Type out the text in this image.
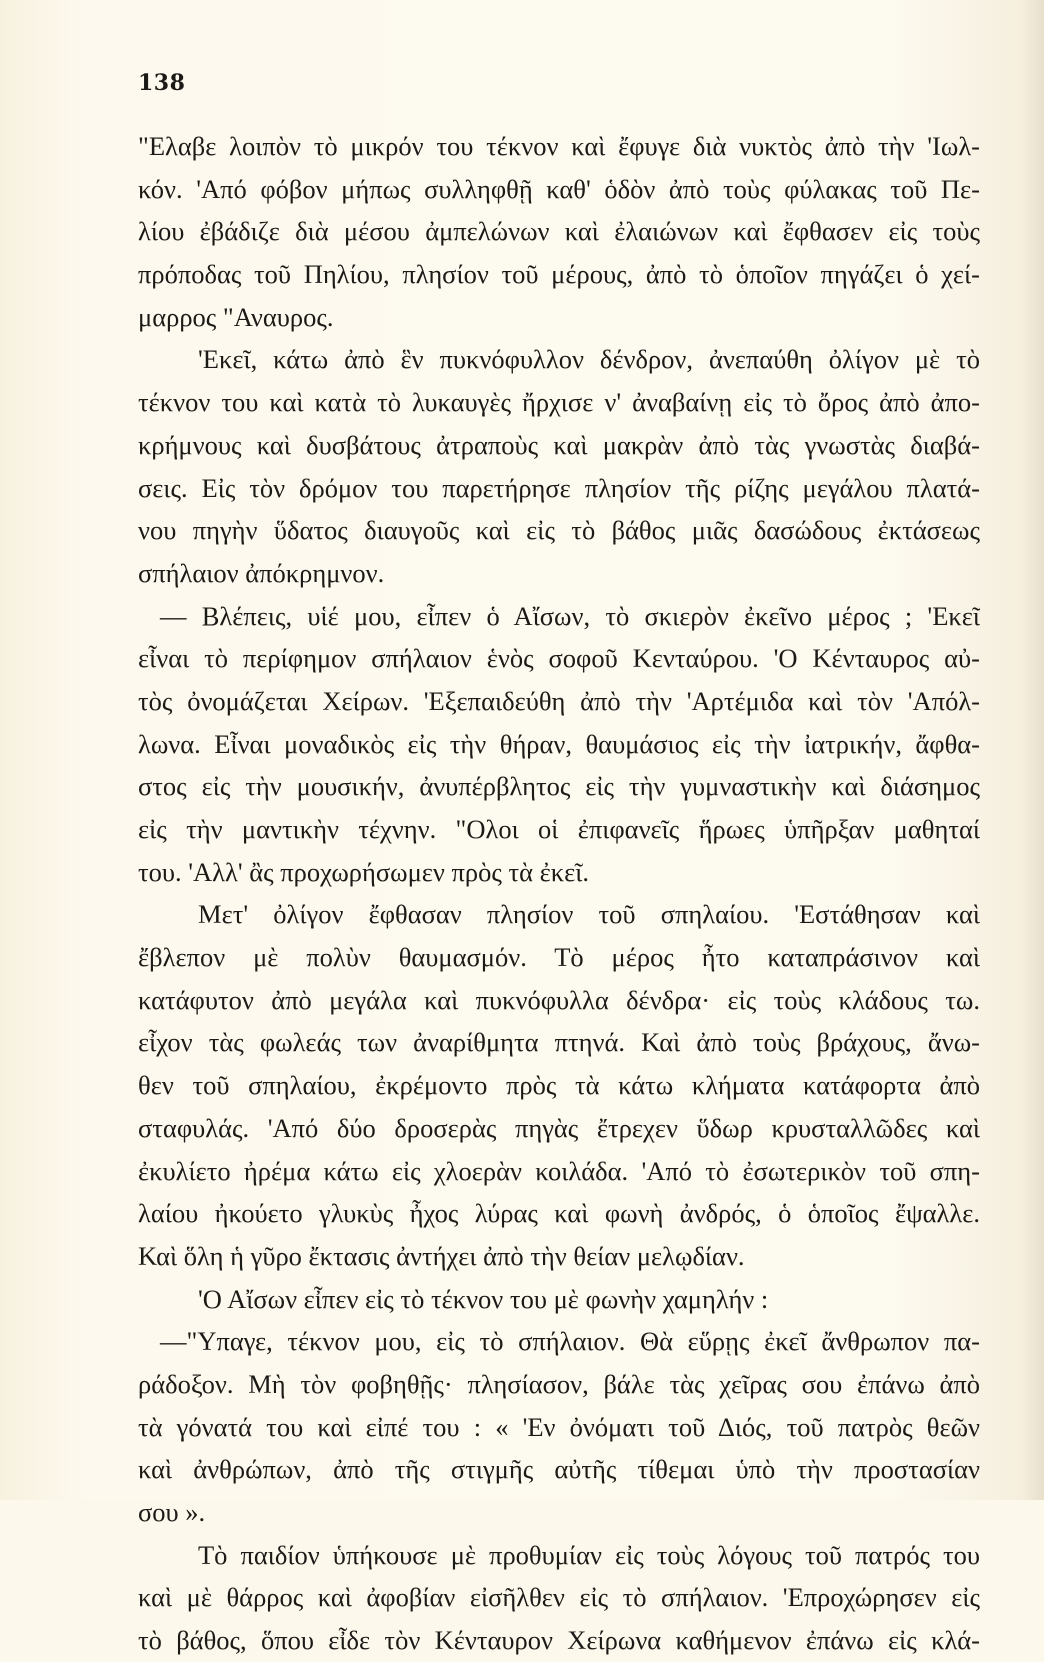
138
"Ελαβε λοιπὸν τὸ μικρόν του τέκνον καὶ ἔφυγε διὰ νυκτὸς ἀπὸ τὴν 'Ιωλ-
κόν. 'Από φόβον μήπως συλληφθῇ καθ' ὁδὸν ἀπὸ τοὺς φύλακας τοῦ Πε-
λίου ἐβάδιζε διὰ μέσου ἀμπελώνων καὶ ἐλαιώνων καὶ ἔφθασεν εἰς τοὺς
πρόποδας τοῦ Πηλίου, πλησίον τοῦ μέρους, ἀπὸ τὸ ὁποῖον πηγάζει ὁ χεί-
μαρρος "Αναυρος.
'Εκεῖ, κάτω ἀπὸ ἓν πυκνόφυλλον δένδρον, ἀνεπαύθη ὀλίγον μὲ τὸ
τέκνον του καὶ κατὰ τὸ λυκαυγὲς ἤρχισε ν' ἀναβαίνῃ εἰς τὸ ὄρος ἀπὸ ἀπο-
κρήμνους καὶ δυσβάτους ἀτραποὺς καὶ μακρὰν ἀπὸ τὰς γνωστὰς διαβά-
σεις. Εἰς τὸν δρόμον του παρετήρησε πλησίον τῆς ρίζης μεγάλου πλατά-
νου πηγὴν ὕδατος διαυγοῦς καὶ εἰς τὸ βάθος μιᾶς δασώδους ἐκτάσεως
σπήλαιον ἀπόκρημνον.
— Βλέπεις, υἱέ μου, εἶπεν ὁ Αἴσων, τὸ σκιερὸν ἐκεῖνο μέρος ; 'Εκεῖ
εἶναι τὸ περίφημον σπήλαιον ἑνὸς σοφοῦ Κενταύρου. 'Ο Κένταυρος αὐ-
τὸς ὀνομάζεται Χείρων. 'Εξεπαιδεύθη ἀπὸ τὴν 'Αρτέμιδα καὶ τὸν 'Απόλ-
λωνα. Εἶναι μοναδικὸς εἰς τὴν θήραν, θαυμάσιος εἰς τὴν ἰατρικήν, ἄφθα-
στος εἰς τὴν μουσικήν, ἀνυπέρβλητος εἰς τὴν γυμναστικὴν καὶ διάσημος
εἰς τὴν μαντικὴν τέχνην. "Ολοι οἱ ἐπιφανεῖς ἥρωες ὑπῆρξαν μαθηταί
του. 'Αλλ' ἂς προχωρήσωμεν πρὸς τὰ ἐκεῖ.
Μετ' ὀλίγον ἔφθασαν πλησίον τοῦ σπηλαίου. 'Εστάθησαν καὶ
ἔβλεπον μὲ πολὺν θαυμασμόν. Τὸ μέρος ἦτο καταπράσινον καὶ
κατάφυτον ἀπὸ μεγάλα καὶ πυκνόφυλλα δένδρα· εἰς τοὺς κλάδους τω.
εἶχον τὰς φωλεάς των ἀναρίθμητα πτηνά. Καὶ ἀπὸ τοὺς βράχους, ἄνω-
θεν τοῦ σπηλαίου, ἐκρέμοντο πρὸς τὰ κάτω κλήματα κατάφορτα ἀπὸ
σταφυλάς. 'Από δύο δροσερὰς πηγὰς ἔτρεχεν ὕδωρ κρυσταλλῶδες καὶ
ἐκυλίετο ἠρέμα κάτω εἰς χλοερὰν κοιλάδα. 'Από τὸ ἐσωτερικὸν τοῦ σπη-
λαίου ἠκούετο γλυκὺς ἦχος λύρας καὶ φωνὴ ἀνδρός, ὁ ὁποῖος ἔψαλλε.
Καὶ ὅλη ἡ γῦρο ἔκτασις ἀντήχει ἀπὸ τὴν θείαν μελῳδίαν.
'Ο Αἴσων εἶπεν εἰς τὸ τέκνον του μὲ φωνὴν χαμηλήν :
—"Υπαγε, τέκνον μου, εἰς τὸ σπήλαιον. Θὰ εὕρῃς ἐκεῖ ἄνθρωπον πα-
ράδοξον. Μὴ τὸν φοβηθῇς· πλησίασον, βάλε τὰς χεῖρας σου ἐπάνω ἀπὸ
τὰ γόνατά του καὶ εἰπέ του : « 'Εν ὀνόματι τοῦ Διός, τοῦ πατρὸς θεῶν
καὶ ἀνθρώπων, ἀπὸ τῆς στιγμῆς αὐτῆς τίθεμαι ὑπὸ τὴν προστασίαν
σου ».
Τὸ παιδίον ὑπήκουσε μὲ προθυμίαν εἰς τοὺς λόγους τοῦ πατρός του
καὶ μὲ θάρρος καὶ ἀφοβίαν εἰσῆλθεν εἰς τὸ σπήλαιον. 'Επροχώρησεν εἰς
τὸ βάθος, ὅπου εἶδε τὸν Κένταυρον Χείρωνα καθήμενον ἐπάνω εἰς κλά-
